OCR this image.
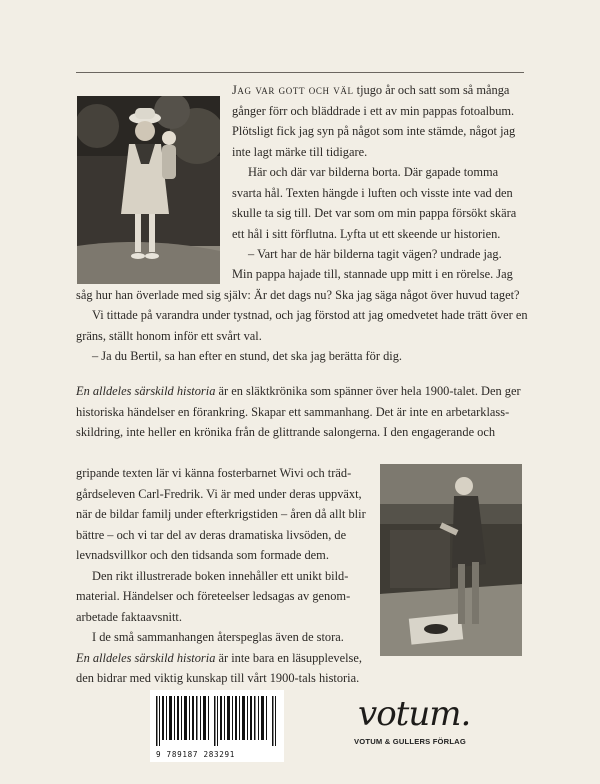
Jag var gott och väl tjugo år och satt som så många gånger förr och bläddrade i ett av min pappas fotoalbum. Plötsligt fick jag syn på något som inte stämde, något jag inte lagt märke till tidigare.

Här och där var bilderna borta. Där gapade tomma svarta hål. Texten hängde i luften och visste inte vad den skulle ta sig till. Det var som om min pappa försökt skära ett hål i sitt förflutna. Lyfta ut ett skeende ur historien.

– Vart har de här bilderna tagit vägen? undrade jag.

Min pappa hajade till, stannade upp mitt i en rörelse. Jag såg hur han överlade med sig själv: Är det dags nu? Ska jag säga något över huvud taget?

Vi tittade på varandra under tystnad, och jag förstod att jag omedvetet hade trätt över en gräns, ställt honom inför ett svårt val.

– Ja du Bertil, sa han efter en stund, det ska jag berätta för dig.

En alldeles särskild historia är en släktkrönika som spänner över hela 1900-talet. Den ger historiska händelser en förankring. Skapar ett sammanhang. Det är inte en arbetarklassskildring, inte heller en krönika från de glittrande salongerna. I den engagerande och

gripande texten lär vi känna fosterbarnet Wivi och trädgårdseleven Carl-Fredrik. Vi är med under deras uppväxt, när de bildar familj under efterkrigstiden – åren då allt blir bättre – och vi tar del av deras dramatiska livsöden, de levnadsvillkor och den tidsanda som formade dem.

Den rikt illustrerade boken innehåller ett unikt bildmaterial. Händelser och företeelser ledsagas av genomarbetade faktaavsnitt.

I de små sammanhangen återspeglas även de stora.

En alldeles särskild historia är inte bara en läsupplevelse, den bidrar med viktig kunskap till vårt 1900-tals historia.

9 789187 283291
votum.
VOTUM & GULLERS FÖRLAG
